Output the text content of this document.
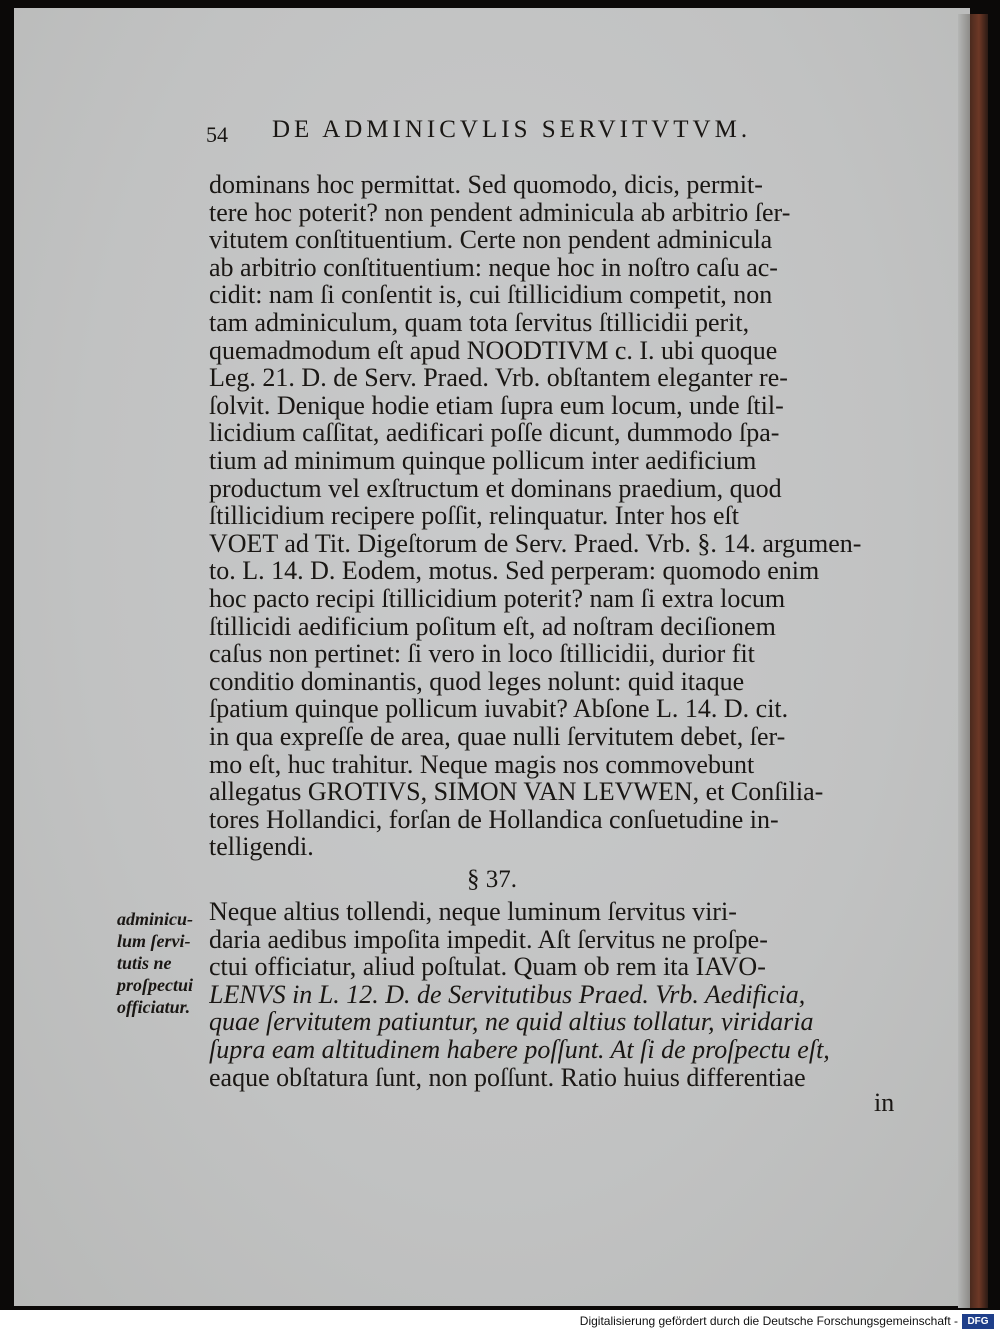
54 DE ADMINICVLIS SERVITVTVM.
dominans hoc permittat. Sed quomodo, dicis, permit-
tere hoc poterit? non pendent adminicula ab arbitrio ſer-
vitutem conſtituentium. Certe non pendent adminicula
ab arbitrio conſtituentium: neque hoc in noſtro caſu ac-
cidit: nam ſi conſentit is, cui ſtillicidium competit, non
tam adminiculum, quam tota ſervitus ſtillicidii perit,
quemadmodum eſt apud NOODTIVM c. I. ubi quoque
Leg. 21. D. de Serv. Praed. Vrb. obſtantem eleganter re-
ſolvit. Denique hodie etiam ſupra eum locum, unde ſtil-
licidium caſſitat, aedificari poſſe dicunt, dummodo ſpa-
tium ad minimum quinque pollicum inter aedificium
productum vel exſtructum et dominans praedium, quod
ſtillicidium recipere poſſit, relinquatur. Inter hos eſt
VOET ad Tit. Digeſtorum de Serv. Praed. Vrb. §. 14. argumen-
to. L. 14. D. Eodem, motus. Sed perperam: quomodo enim
hoc pacto recipi ſtillicidium poterit? nam ſi extra locum
ſtillicidi aedificium poſitum eſt, ad noſtram deciſionem
caſus non pertinet: ſi vero in loco ſtillicidii, durior fit
conditio dominantis, quod leges nolunt: quid itaque
ſpatium quinque pollicum iuvabit? Abſone L. 14. D. cit.
in qua expreſſe de area, quae nulli ſervitutem debet, ſer-
mo eſt, huc trahitur. Neque magis nos commovebunt
allegatus GROTIVS, SIMON VAN LEVWEN, et Conſilia-
tores Hollandici, forſan de Hollandica conſuetudine in-
telligendi.
§ 37.
Neque altius tollendi, neque luminum ſervitus viri-
daria aedibus impoſita impedit. Aſt ſervitus ne proſpe-
ctui officiatur, aliud poſtulat. Quam ob rem ita IAVO-
LENVS in L. 12. D. de Servitutibus Praed. Vrb. Aedificia,
quae ſervitutem patiuntur, ne quid altius tollatur, viridaria
ſupra eam altitudinem habere poſſunt. At ſi de proſpectu eſt,
eaque obſtatura ſunt, non poſſunt. Ratio huius differentiae
adminicu-
lum ſervi-
tutis ne
proſpectui
officiatur.
in
Digitalisierung gefördert durch die Deutsche Forschungsgemeinschaft - DFG
